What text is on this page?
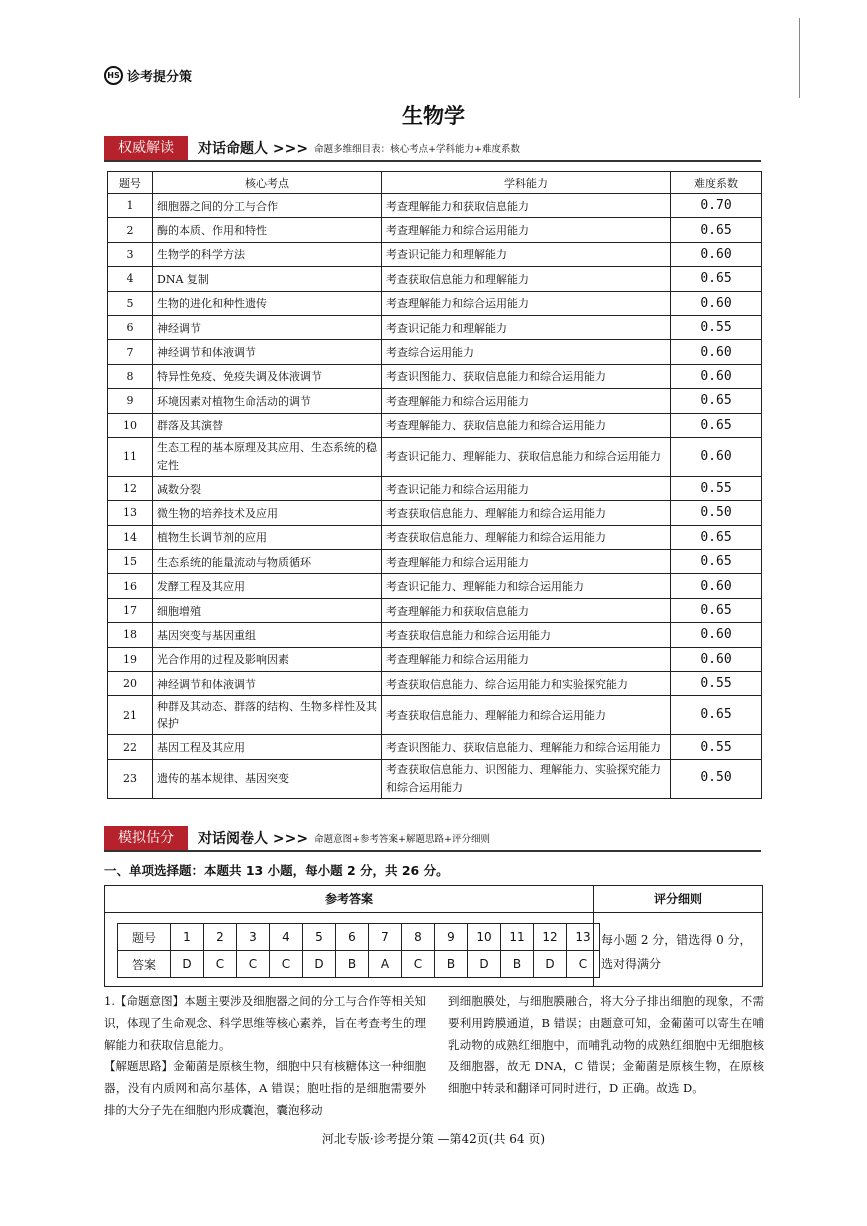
HS 诊考提分策
生物学
权威解读	对话命题人 >>> 命题多维细目表：核心考点+学科能力+难度系数
题号	核心考点	学科能力	难度系数
1	细胞器之间的分工与合作	考查理解能力和获取信息能力	0.70
2	酶的本质、作用和特性	考查理解能力和综合运用能力	0.65
3	生物学的科学方法	考查识记能力和理解能力	0.60
4	DNA 复制	考查获取信息能力和理解能力	0.65
5	生物的进化和种性遗传	考查理解能力和综合运用能力	0.60
6	神经调节	考查识记能力和理解能力	0.55
7	神经调节和体液调节	考查综合运用能力	0.60
8	特异性免疫、免疫失调及体液调节	考查识图能力、获取信息能力和综合运用能力	0.60
9	环境因素对植物生命活动的调节	考查理解能力和综合运用能力	0.65
10	群落及其演替	考查理解能力、获取信息能力和综合运用能力	0.65
11	生态工程的基本原理及其应用、生态系统的稳定性	考查识记能力、理解能力、获取信息能力和综合运用能力	0.60
12	减数分裂	考查识记能力和综合运用能力	0.55
13	微生物的培养技术及应用	考查获取信息能力、理解能力和综合运用能力	0.50
14	植物生长调节剂的应用	考查获取信息能力、理解能力和综合运用能力	0.65
15	生态系统的能量流动与物质循环	考查理解能力和综合运用能力	0.65
16	发酵工程及其应用	考查识记能力、理解能力和综合运用能力	0.60
17	细胞增殖	考查理解能力和获取信息能力	0.65
18	基因突变与基因重组	考查获取信息能力和综合运用能力	0.60
19	光合作用的过程及影响因素	考查理解能力和综合运用能力	0.60
20	神经调节和体液调节	考查获取信息能力、综合运用能力和实验探究能力	0.55
21	种群及其动态、群落的结构、生物多样性及其保护	考查获取信息能力、理解能力和综合运用能力	0.65
22	基因工程及其应用	考查识图能力、获取信息能力、理解能力和综合运用能力	0.55
23	遗传的基本规律、基因突变	考查获取信息能力、识图能力、理解能力、实验探究能力和综合运用能力	0.50
模拟估分	对话阅卷人 >>> 命题意图+参考答案+解题思路+评分细则
一、单项选择题：本题共 13 小题，每小题 2 分，共 26 分。
参考答案	评分细则
题号	1	2	3	4	5	6	7	8	9	10	11	12	13
答案	D	C	C	C	D	B	A	C	B	D	B	D	C
每小题 2 分，错选得 0 分，选对得满分

1.【命题意图】本题主要涉及细胞器之间的分工与合作等相关知识，体现了生命观念、科学思维等核心素养，旨在考查考生的理解能力和获取信息能力。

【解题思路】金葡菌是原核生物，细胞中只有核糖体这一种细胞器，没有内质网和高尔基体，A 错误；胞吐指的是细胞需要外排的大分子先在细胞内形成囊泡，囊泡移动

到细胞膜处，与细胞膜融合，将大分子排出细胞的现象，不需要利用跨膜通道，B 错误；由题意可知，金葡菌可以寄生在哺乳动物的成熟红细胞中，而哺乳动物的成熟红细胞中无细胞核及细胞器，故无 DNA，C 错误；金葡菌是原核生物，在原核细胞中转录和翻译可同时进行，D 正确。故选 D。

河北专版·诊考提分策 —第42页(共 64 页)
